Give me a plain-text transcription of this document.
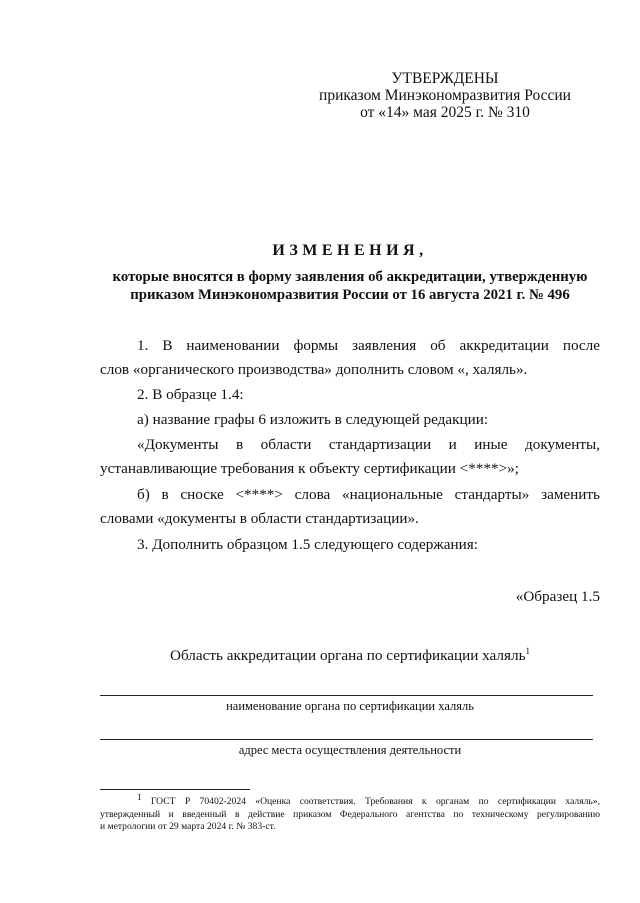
УТВЕРЖДЕНЫ
приказом Минэкономразвития России
от «14» мая 2025 г. № 310
ИЗМЕНЕНИЯ,
которые вносятся в форму заявления об аккредитации, утвержденную
приказом Минэкономразвития России от 16 августа 2021 г. № 496
1. В наименовании формы заявления об аккредитации после
слов «органического производства» дополнить словом «, халяль».
2. В образце 1.4:
а) название графы 6 изложить в следующей редакции:
«Документы в области стандартизации и иные документы,
устанавливающие требования к объекту сертификации <****>»;
б) в сноске <****> слова «национальные стандарты» заменить
словами «документы в области стандартизации».
3. Дополнить образцом 1.5 следующего содержания:
«Образец 1.5
Область аккредитации органа по сертификации халяль$^1$
наименование органа по сертификации халяль
адрес места осуществления деятельности
1 ГОСТ Р 70402-2024 «Оценка соответствия. Требования к органам по сертификации халяль»,
утвержденный и введенный в действие приказом Федерального агентства по техническому регулированию
и метрологии от 29 марта 2024 г. № 383-ст.
